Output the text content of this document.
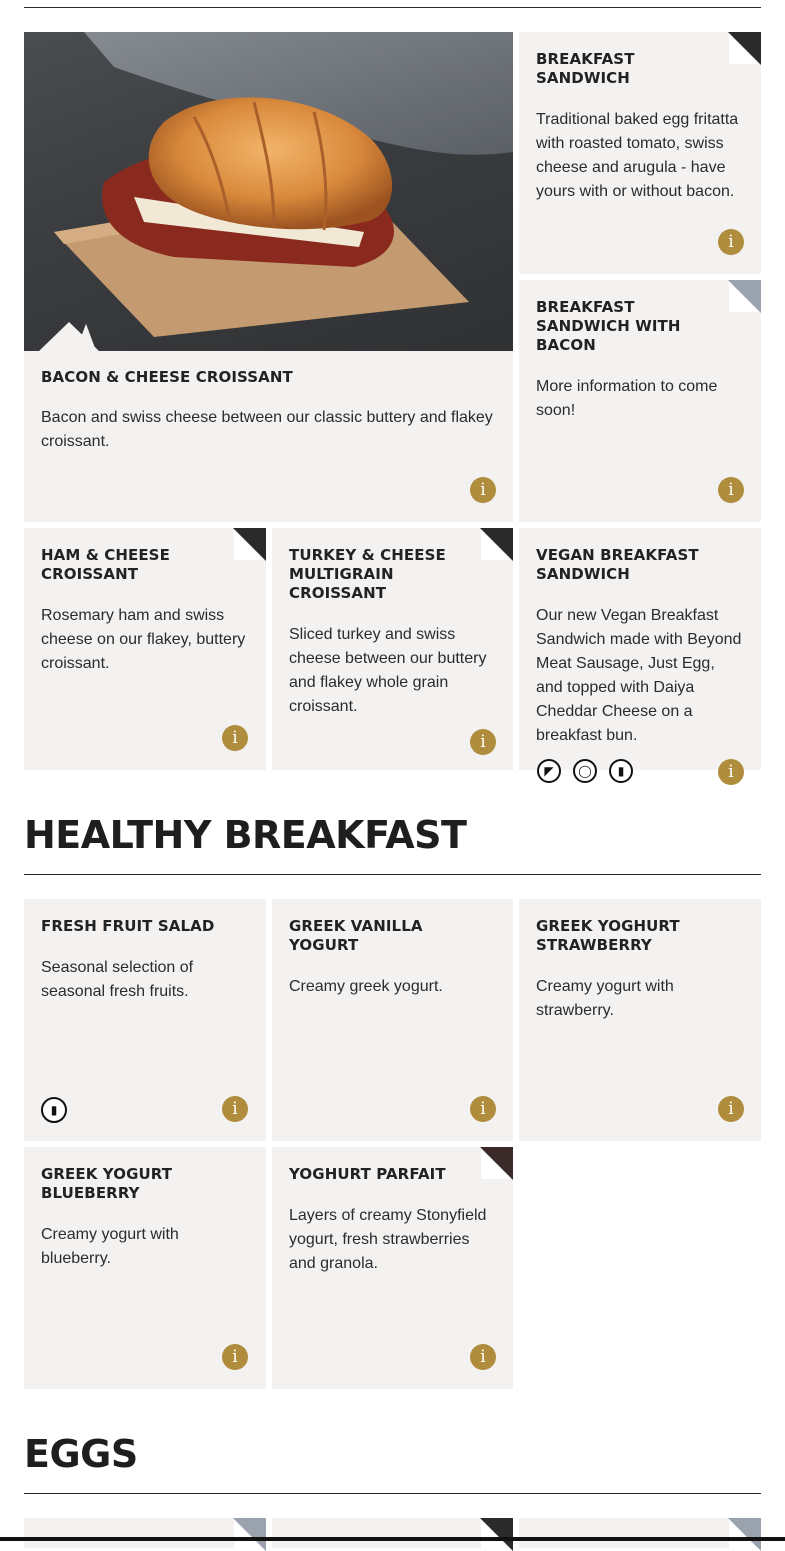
BACON & CHEESE CROISSANT

Bacon and swiss cheese between our classic buttery and flakey croissant.

i
BREAKFAST SANDWICH

Traditional baked egg fritatta with roasted tomato, swiss cheese and arugula - have yours with or without bacon.

i
BREAKFAST SANDWICH WITH BACON

More information to come soon!

i
HAM & CHEESE CROISSANT

Rosemary ham and swiss cheese on our flakey, buttery croissant.

i
TURKEY & CHEESE MULTIGRAIN CROISSANT

Sliced turkey and swiss cheese between our buttery and flakey whole grain croissant.

i
VEGAN BREAKFAST SANDWICH

Our new Vegan Breakfast Sandwich made with Beyond Meat Sausage, Just Egg, and topped with Daiya Cheddar Cheese on a breakfast bun.

◤	◯	▮	i
HEALTHY BREAKFAST
FRESH FRUIT SALAD

Seasonal selection of seasonal fresh fruits.

▮	i
GREEK VANILLA YOGURT

Creamy greek yogurt.

i
GREEK YOGHURT STRAWBERRY

Creamy yogurt with strawberry.

i
GREEK YOGURT BLUEBERRY

Creamy yogurt with blueberry.

i
YOGHURT PARFAIT

Layers of creamy Stonyfield yogurt, fresh strawberries and granola.

i
EGGS
